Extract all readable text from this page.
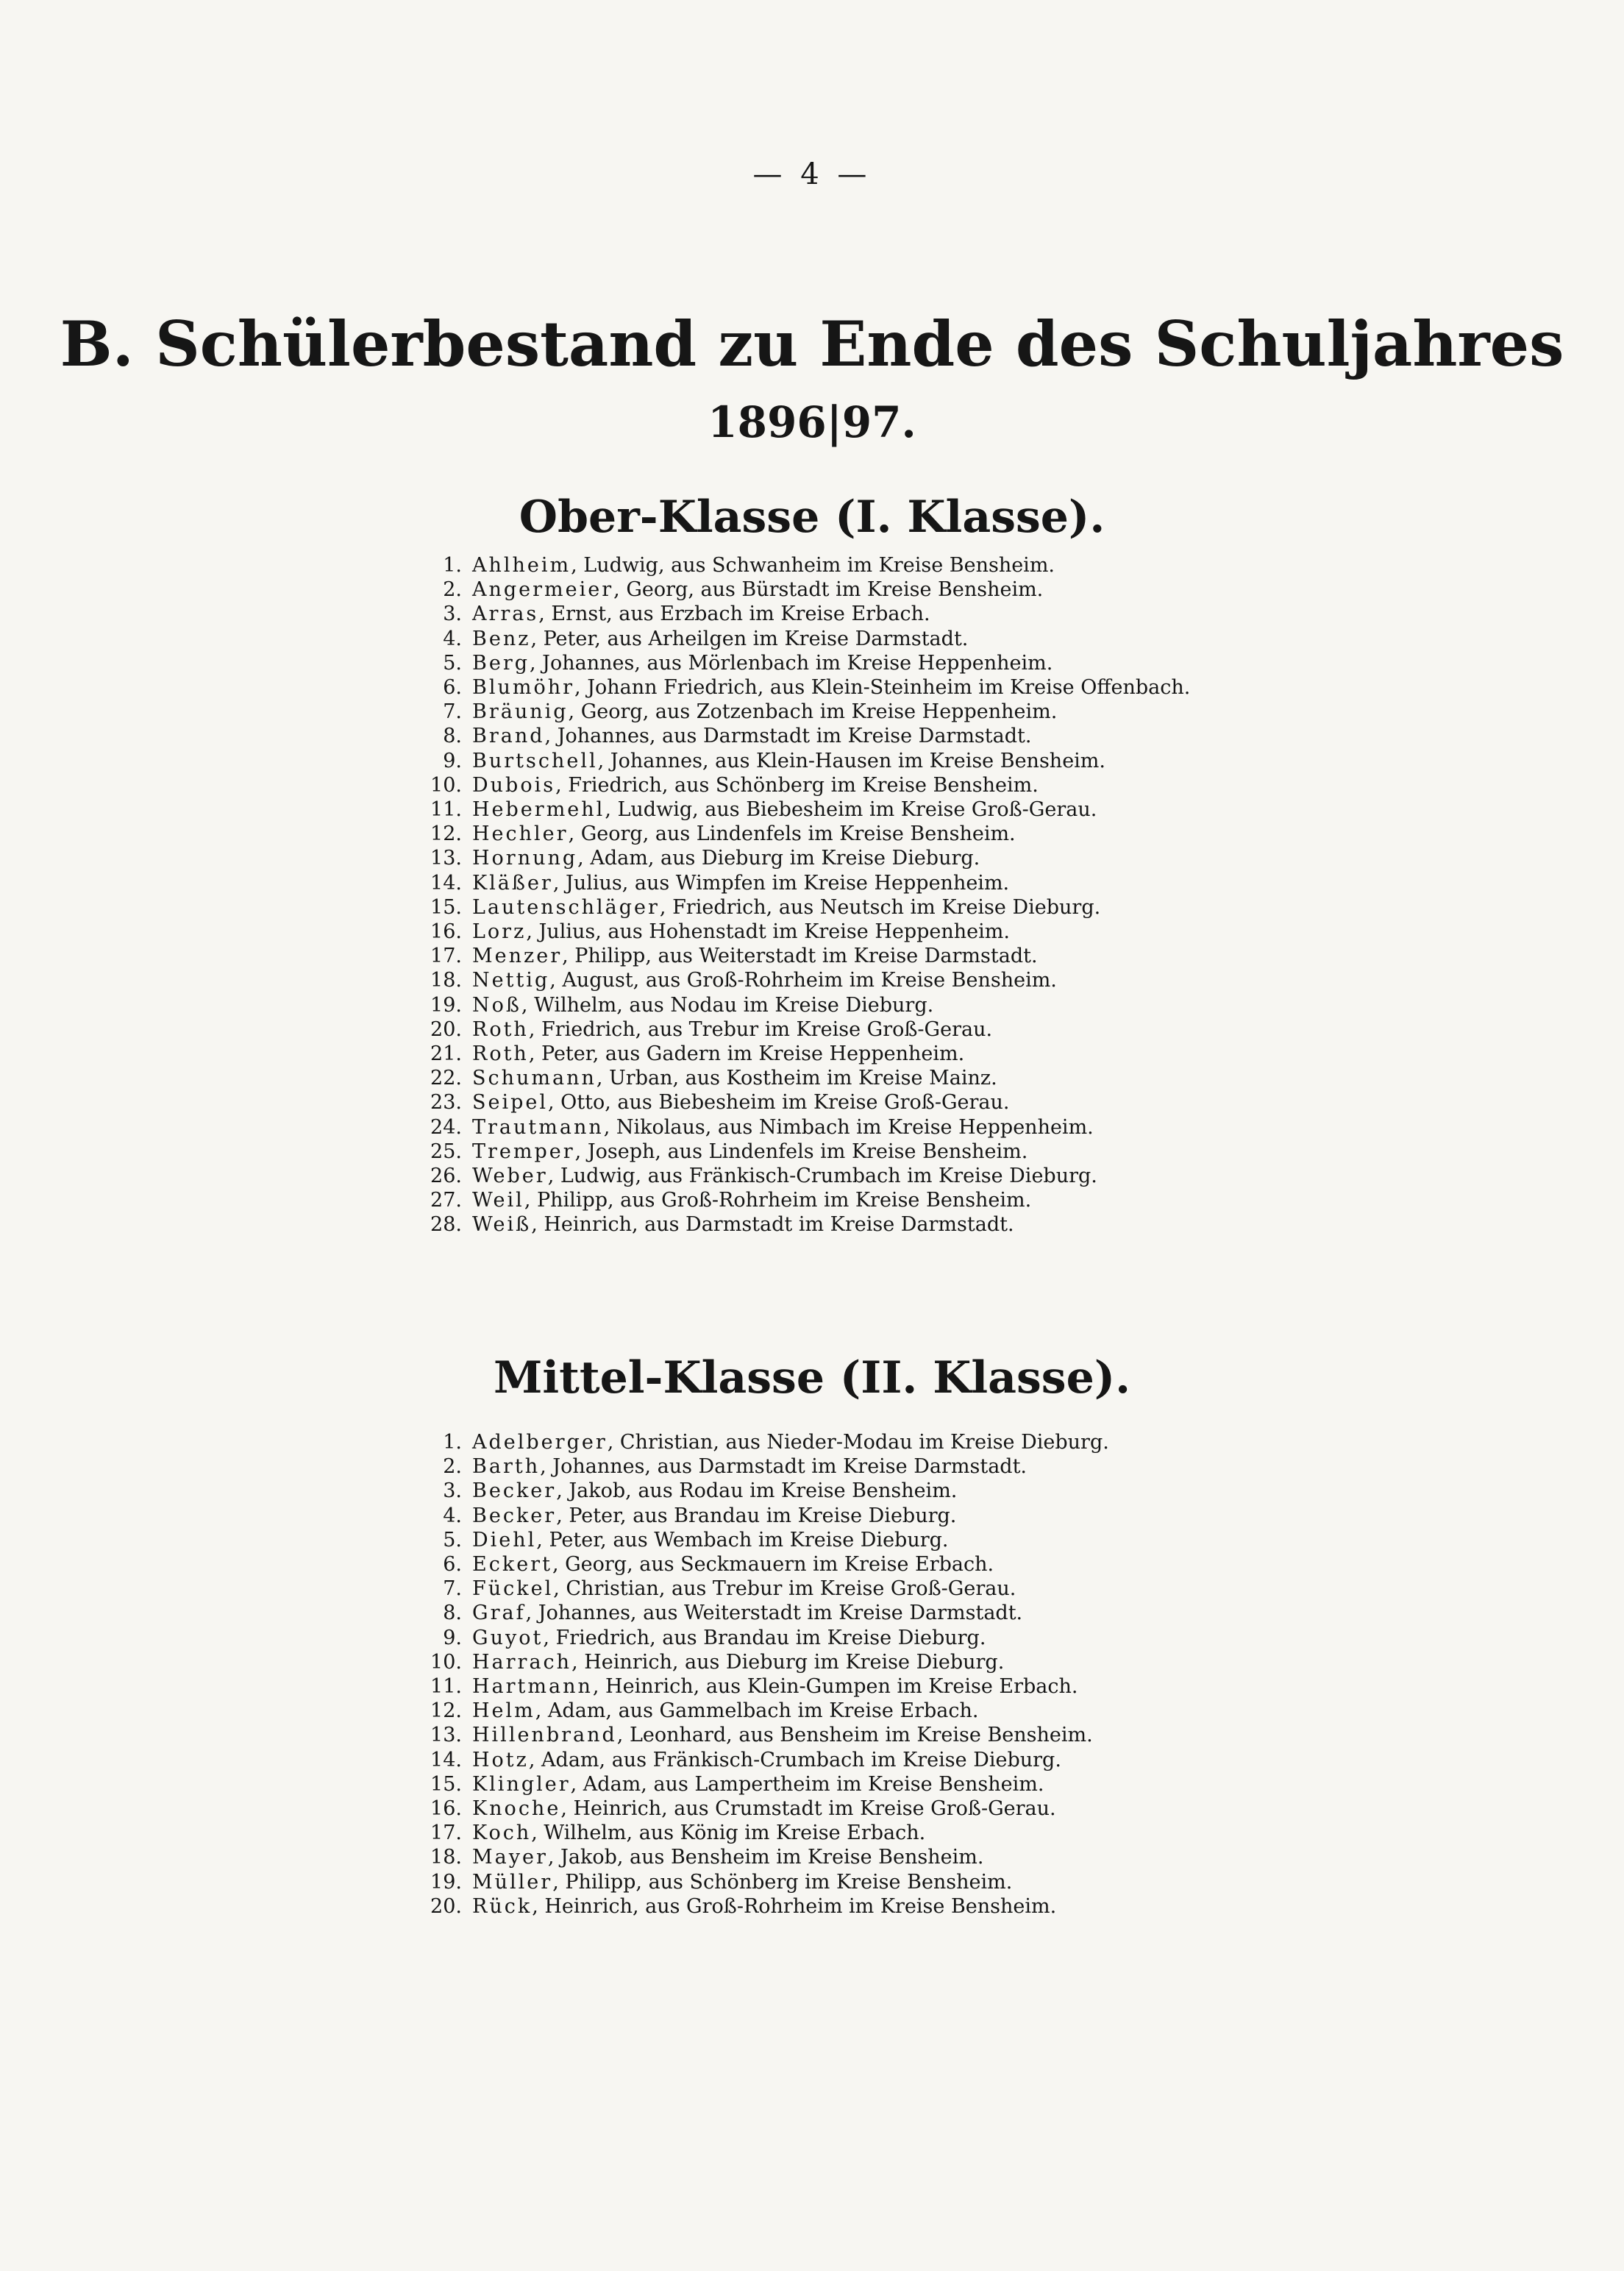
— 4 —
B. Schülerbestand zu Ende des Schuljahres
1896|97.
Ober-Klasse (I. Klasse).
1. Ahlheim, Ludwig, aus Schwanheim im Kreise Bensheim.
2. Angermeier, Georg, aus Bürstadt im Kreise Bensheim.
3. Arras, Ernst, aus Erzbach im Kreise Erbach.
4. Benz, Peter, aus Arheilgen im Kreise Darmstadt.
5. Berg, Johannes, aus Mörlenbach im Kreise Heppenheim.
6. Blumöhr, Johann Friedrich, aus Klein-Steinheim im Kreise Offenbach.
7. Bräunig, Georg, aus Zotzenbach im Kreise Heppenheim.
8. Brand, Johannes, aus Darmstadt im Kreise Darmstadt.
9. Burtschell, Johannes, aus Klein-Hausen im Kreise Bensheim.
10. Dubois, Friedrich, aus Schönberg im Kreise Bensheim.
11. Hebermehl, Ludwig, aus Biebesheim im Kreise Groß-Gerau.
12. Hechler, Georg, aus Lindenfels im Kreise Bensheim.
13. Hornung, Adam, aus Dieburg im Kreise Dieburg.
14. Kläßer, Julius, aus Wimpfen im Kreise Heppenheim.
15. Lautenschläger, Friedrich, aus Neutsch im Kreise Dieburg.
16. Lorz, Julius, aus Hohenstadt im Kreise Heppenheim.
17. Menzer, Philipp, aus Weiterstadt im Kreise Darmstadt.
18. Nettig, August, aus Groß-Rohrheim im Kreise Bensheim.
19. Noß, Wilhelm, aus Nodau im Kreise Dieburg.
20. Roth, Friedrich, aus Trebur im Kreise Groß-Gerau.
21. Roth, Peter, aus Gadern im Kreise Heppenheim.
22. Schumann, Urban, aus Kostheim im Kreise Mainz.
23. Seipel, Otto, aus Biebesheim im Kreise Groß-Gerau.
24. Trautmann, Nikolaus, aus Nimbach im Kreise Heppenheim.
25. Tremper, Joseph, aus Lindenfels im Kreise Bensheim.
26. Weber, Ludwig, aus Fränkisch-Crumbach im Kreise Dieburg.
27. Weil, Philipp, aus Groß-Rohrheim im Kreise Bensheim.
28. Weiß, Heinrich, aus Darmstadt im Kreise Darmstadt.
Mittel-Klasse (II. Klasse).
1. Adelberger, Christian, aus Nieder-Modau im Kreise Dieburg.
2. Barth, Johannes, aus Darmstadt im Kreise Darmstadt.
3. Becker, Jakob, aus Rodau im Kreise Bensheim.
4. Becker, Peter, aus Brandau im Kreise Dieburg.
5. Diehl, Peter, aus Wembach im Kreise Dieburg.
6. Eckert, Georg, aus Seckmauern im Kreise Erbach.
7. Fückel, Christian, aus Trebur im Kreise Groß-Gerau.
8. Graf, Johannes, aus Weiterstadt im Kreise Darmstadt.
9. Guyot, Friedrich, aus Brandau im Kreise Dieburg.
10. Harrach, Heinrich, aus Dieburg im Kreise Dieburg.
11. Hartmann, Heinrich, aus Klein-Gumpen im Kreise Erbach.
12. Helm, Adam, aus Gammelbach im Kreise Erbach.
13. Hillenbrand, Leonhard, aus Bensheim im Kreise Bensheim.
14. Hotz, Adam, aus Fränkisch-Crumbach im Kreise Dieburg.
15. Klingler, Adam, aus Lampertheim im Kreise Bensheim.
16. Knoche, Heinrich, aus Crumstadt im Kreise Groß-Gerau.
17. Koch, Wilhelm, aus König im Kreise Erbach.
18. Mayer, Jakob, aus Bensheim im Kreise Bensheim.
19. Müller, Philipp, aus Schönberg im Kreise Bensheim.
20. Rück, Heinrich, aus Groß-Rohrheim im Kreise Bensheim.
